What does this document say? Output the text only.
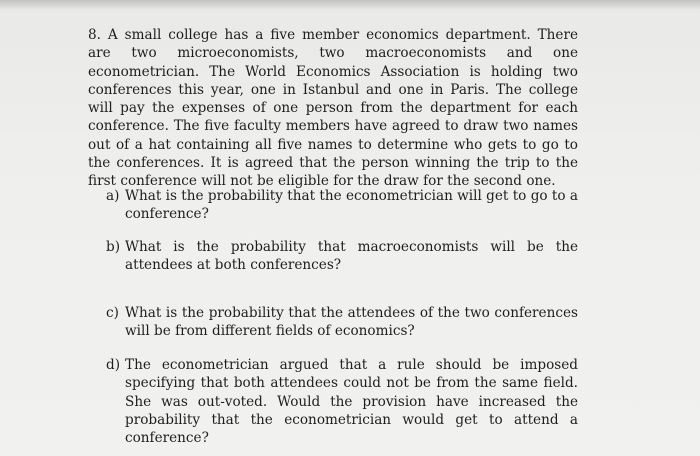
8. A small college has a five member economics department. There are two microeconomists, two macroeconomists and one econometrician. The World Economics Association is holding two conferences this year, one in Istanbul and one in Paris. The college will pay the expenses of one person from the department for each conference. The five faculty members have agreed to draw two names out of a hat containing all five names to determine who gets to go to the conferences. It is agreed that the person winning the trip to the first conference will not be eligible for the draw for the second one.

a) What is the probability that the econometrician will get to go to a conference?
b) What is the probability that macroeconomists will be the attendees at both conferences?
c) What is the probability that the attendees of the two conferences will be from different fields of economics?
d) The econometrician argued that a rule should be imposed specifying that both attendees could not be from the same field. She was out-voted. Would the provision have increased the probability that the econometrician would get to attend a conference?
